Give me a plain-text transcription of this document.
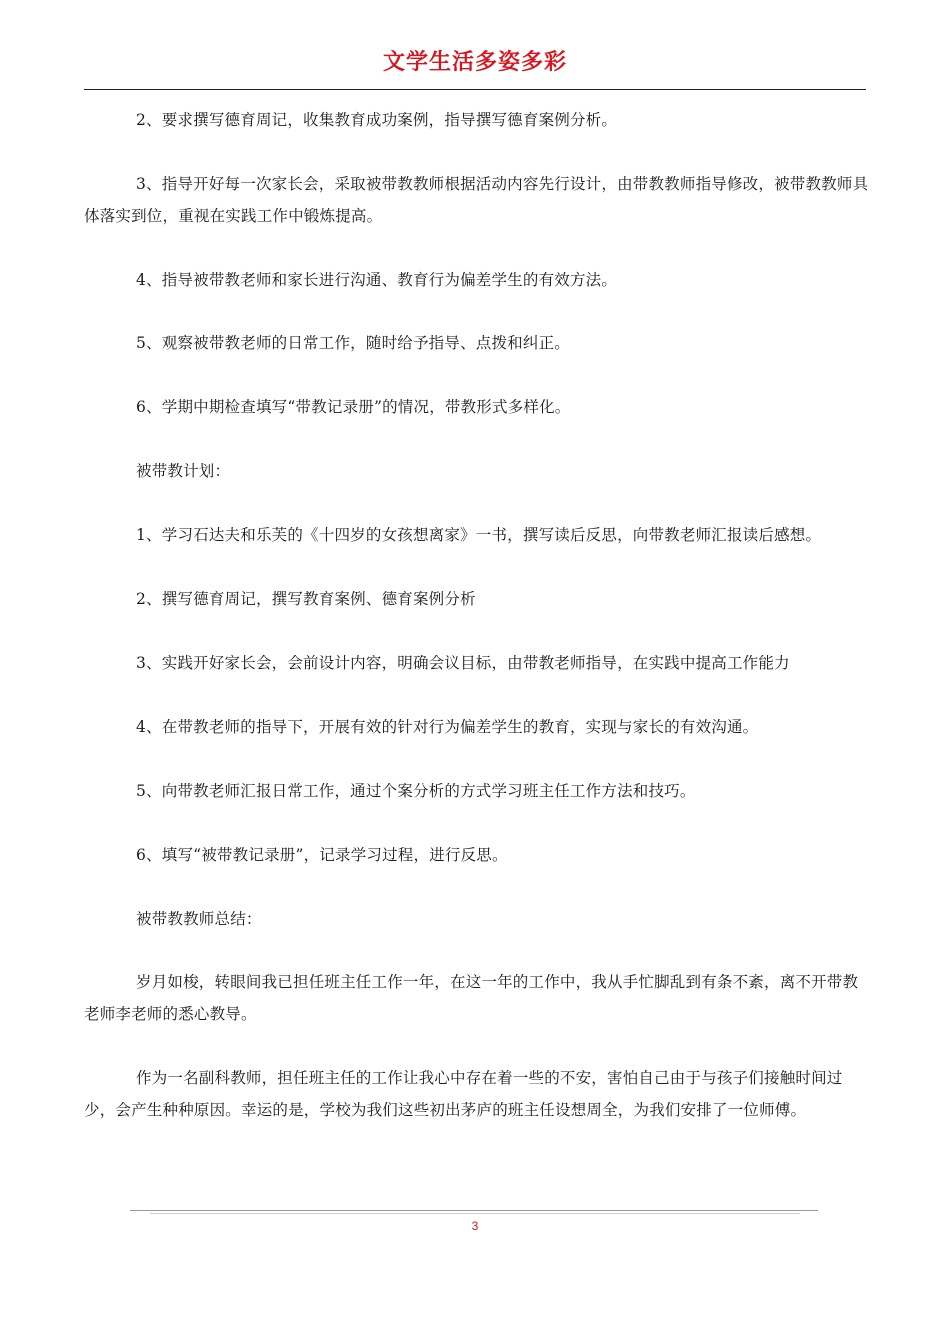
文学生活多姿多彩

2、要求撰写德育周记，收集教育成功案例，指导撰写德育案例分析。

3、指导开好每一次家长会，采取被带教教师根据活动内容先行设计，由带教教师指导修改，被带教教师具体落实到位，重视在实践工作中锻炼提高。

4、指导被带教老师和家长进行沟通、教育行为偏差学生的有效方法。

5、观察被带教老师的日常工作，随时给予指导、点拨和纠正。

6、学期中期检查填写“带教记录册”的情况，带教形式多样化。

被带教计划：

1、学习石达夫和乐芙的《十四岁的女孩想离家》一书，撰写读后反思，向带教老师汇报读后感想。

2、撰写德育周记，撰写教育案例、德育案例分析

3、实践开好家长会，会前设计内容，明确会议目标，由带教老师指导，在实践中提高工作能力

4、在带教老师的指导下，开展有效的针对行为偏差学生的教育，实现与家长的有效沟通。

5、向带教老师汇报日常工作，通过个案分析的方式学习班主任工作方法和技巧。

6、填写“被带教记录册”，记录学习过程，进行反思。

被带教教师总结：

岁月如梭，转眼间我已担任班主任工作一年，在这一年的工作中，我从手忙脚乱到有条不紊，离不开带教老师李老师的悉心教导。

作为一名副科教师，担任班主任的工作让我心中存在着一些的不安，害怕自己由于与孩子们接触时间过少，会产生种种原因。幸运的是，学校为我们这些初出茅庐的班主任设想周全，为我们安排了一位师傅。

3
